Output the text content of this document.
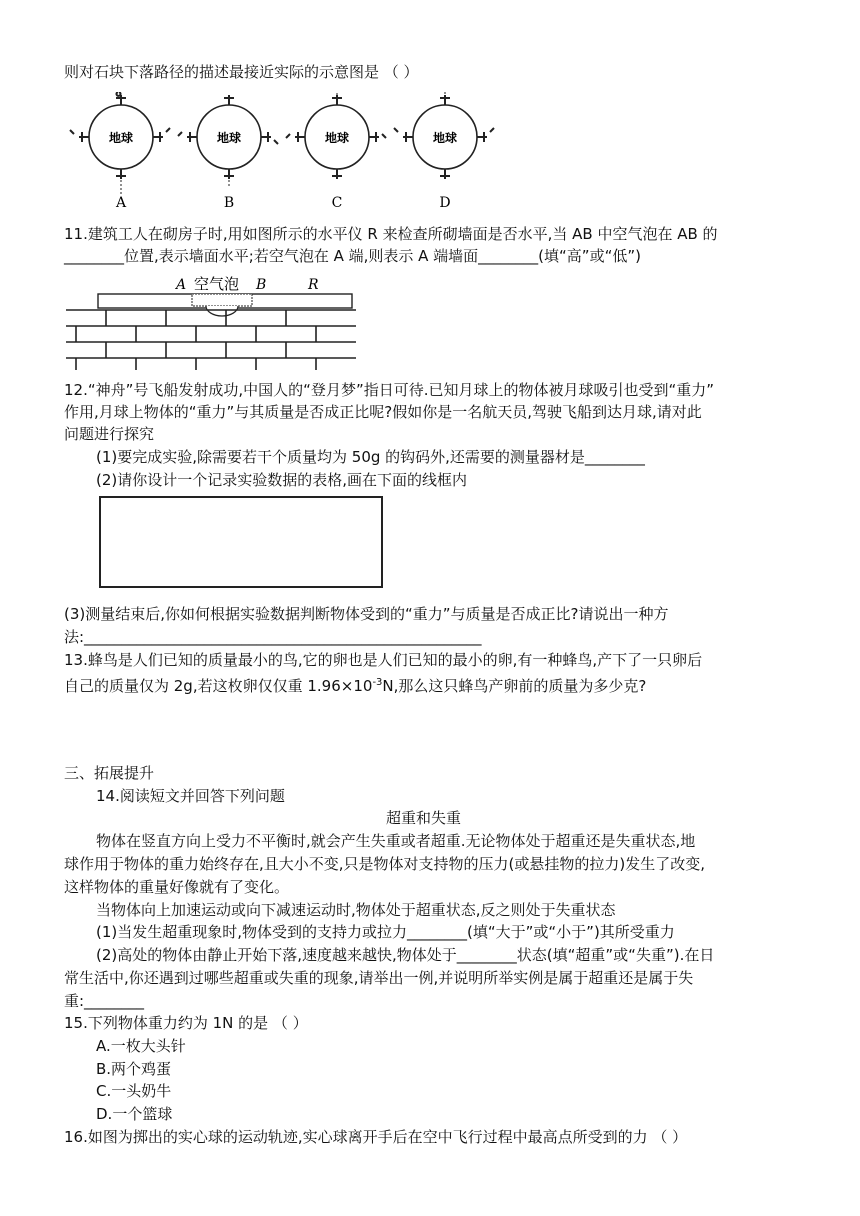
则对石块下落路径的描述最接近实际的示意图是 （ ）
地球	地球	地球	地球
A	B	C	D
11.建筑工人在砌房子时,用如图所示的水平仪 R 来检查所砌墙面是否水平,当 AB 中空气泡在 AB 的
________位置,表示墙面水平;若空气泡在 A 端,则表示 A 端墙面________(填“高”或“低”)
A 空气泡 B	R
12.“神舟”号飞船发射成功,中国人的“登月梦”指日可待.已知月球上的物体被月球吸引也受到“重力”
作用,月球上物体的“重力”与其质量是否成正比呢?假如你是一名航天员,驾驶飞船到达月球,请对此
问题进行探究
(1)要完成实验,除需要若干个质量均为 50g 的钩码外,还需要的测量器材是________
(2)请你设计一个记录实验数据的表格,画在下面的线框内
(3)测量结束后,你如何根据实验数据判断物体受到的“重力”与质量是否成正比?请说出一种方
法:_____________________________________________________
13.蜂鸟是人们已知的质量最小的鸟,它的卵也是人们已知的最小的卵,有一种蜂鸟,产下了一只卵后
自己的质量仅为 2g,若这枚卵仅仅重 $1.96\times 10^{-3}N$,那么这只蜂鸟产卵前的质量为多少克?
三、拓展提升
14.阅读短文并回答下列问题
超重和失重
物体在竖直方向上受力不平衡时,就会产生失重或者超重.无论物体处于超重还是失重状态,地
球作用于物体的重力始终存在,且大小不变,只是物体对支持物的压力(或悬挂物的拉力)发生了改变,
这样物体的重量好像就有了变化。
当物体向上加速运动或向下减速运动时,物体处于超重状态,反之则处于失重状态
(1)当发生超重现象时,物体受到的支持力或拉力________(填“大于”或“小于”)其所受重力
(2)高处的物体由静止开始下落,速度越来越快,物体处于________状态(填“超重”或“失重”).在日
常生活中,你还遇到过哪些超重或失重的现象,请举出一例,并说明所举实例是属于超重还是属于失
重:________
15.下列物体重力约为 1N 的是 （ ）
A.一枚大头针
B.两个鸡蛋
C.一头奶牛
D.一个篮球
16.如图为掷出的实心球的运动轨迹,实心球离开手后在空中飞行过程中最高点所受到的力 （ ）
